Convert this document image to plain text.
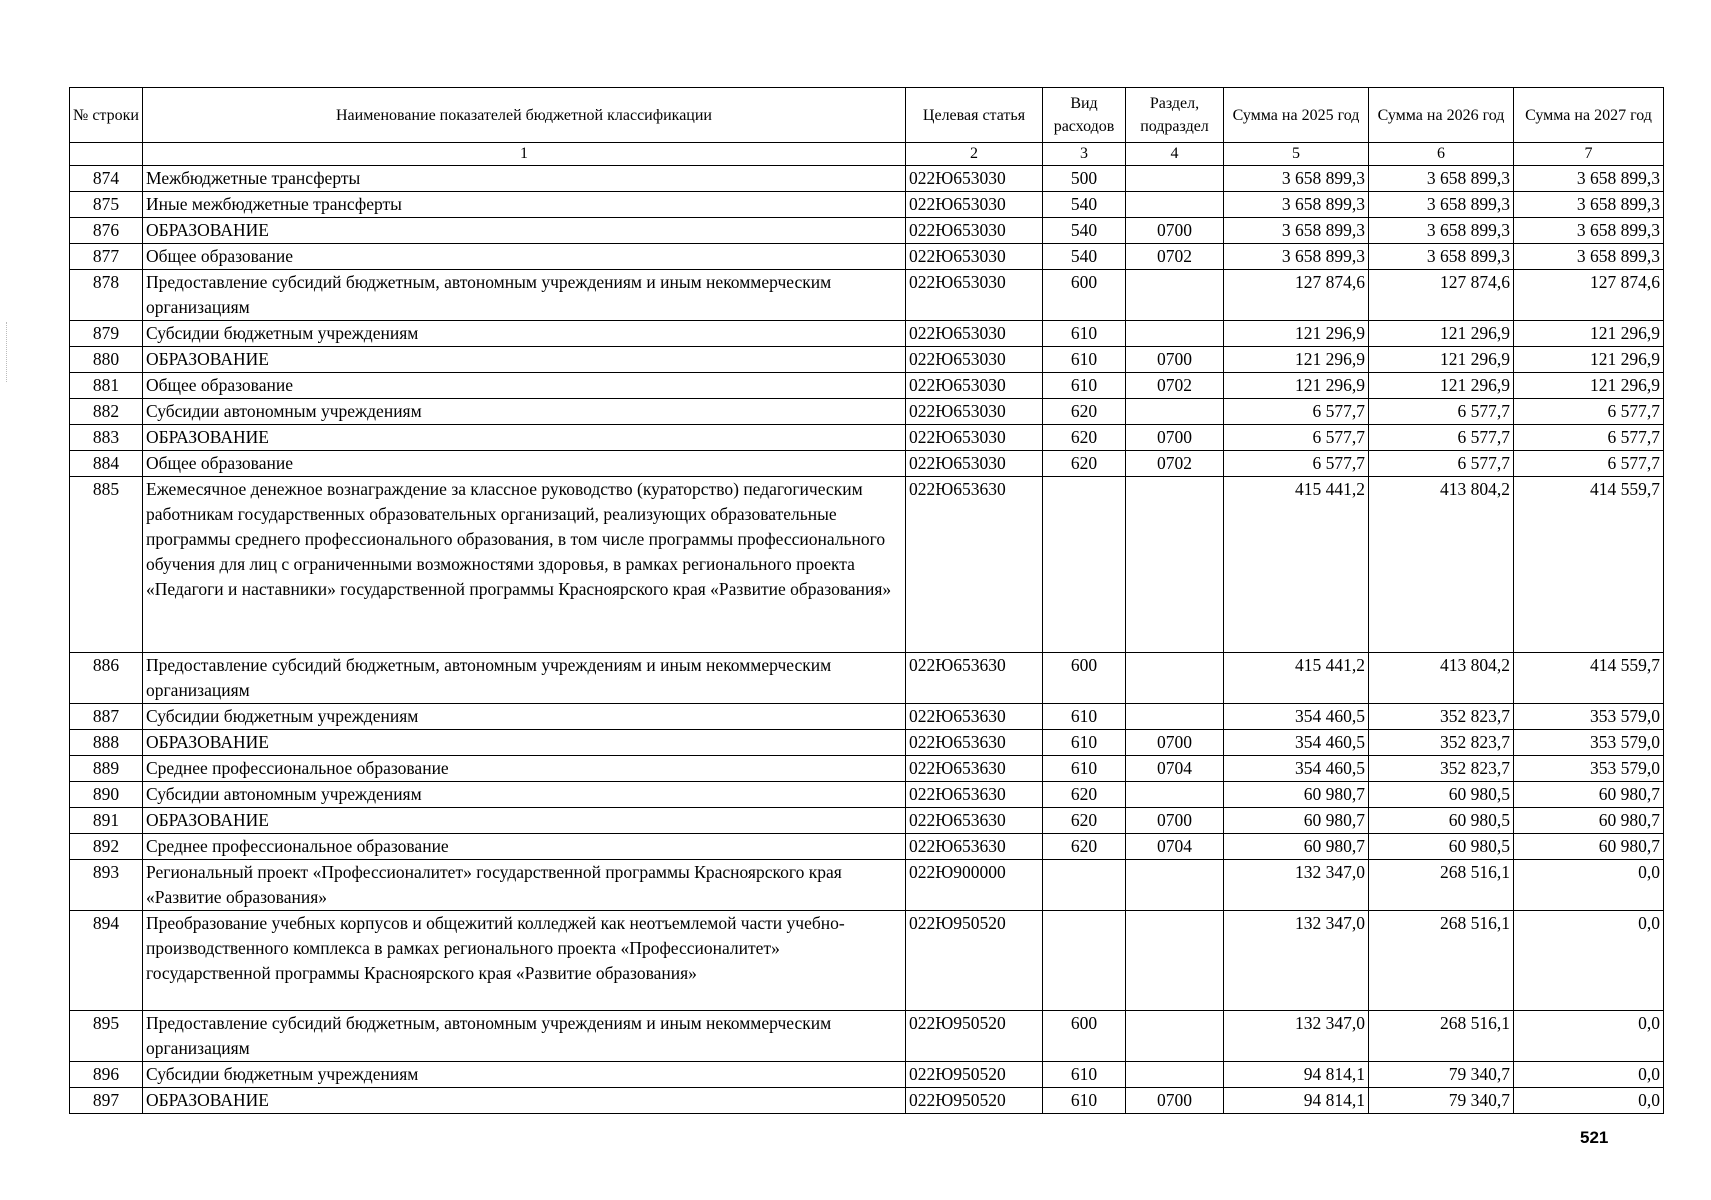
№ строки	Наименование показателей бюджетной классификации	Целевая статья	Вид расходов	Раздел, подраздел	Сумма на 2025 год	Сумма на 2026 год	Сумма на 2027 год
	1	2	3	4	5	6	7
874	Межбюджетные трансферты	022Ю653030	500		3 658 899,3	3 658 899,3	3 658 899,3
875	Иные межбюджетные трансферты	022Ю653030	540		3 658 899,3	3 658 899,3	3 658 899,3
876	ОБРАЗОВАНИЕ	022Ю653030	540	0700	3 658 899,3	3 658 899,3	3 658 899,3
877	Общее образование	022Ю653030	540	0702	3 658 899,3	3 658 899,3	3 658 899,3
878	Предоставление субсидий бюджетным, автономным учреждениям и иным некоммерческим организациям	022Ю653030	600		127 874,6	127 874,6	127 874,6
879	Субсидии бюджетным учреждениям	022Ю653030	610		121 296,9	121 296,9	121 296,9
880	ОБРАЗОВАНИЕ	022Ю653030	610	0700	121 296,9	121 296,9	121 296,9
881	Общее образование	022Ю653030	610	0702	121 296,9	121 296,9	121 296,9
882	Субсидии автономным учреждениям	022Ю653030	620		6 577,7	6 577,7	6 577,7
883	ОБРАЗОВАНИЕ	022Ю653030	620	0700	6 577,7	6 577,7	6 577,7
884	Общее образование	022Ю653030	620	0702	6 577,7	6 577,7	6 577,7
885	Ежемесячное денежное вознаграждение за классное руководство (кураторство) педагогическим работникам государственных образовательных организаций, реализующих образовательные программы среднего профессионального образования, в том числе программы профессионального обучения для лиц с ограниченными возможностями здоровья, в рамках регионального проекта «Педагоги и наставники» государственной программы Красноярского края «Развитие образования»	022Ю653630			415 441,2	413 804,2	414 559,7
886	Предоставление субсидий бюджетным, автономным учреждениям и иным некоммерческим организациям	022Ю653630	600		415 441,2	413 804,2	414 559,7
887	Субсидии бюджетным учреждениям	022Ю653630	610		354 460,5	352 823,7	353 579,0
888	ОБРАЗОВАНИЕ	022Ю653630	610	0700	354 460,5	352 823,7	353 579,0
889	Среднее профессиональное образование	022Ю653630	610	0704	354 460,5	352 823,7	353 579,0
890	Субсидии автономным учреждениям	022Ю653630	620		60 980,7	60 980,5	60 980,7
891	ОБРАЗОВАНИЕ	022Ю653630	620	0700	60 980,7	60 980,5	60 980,7
892	Среднее профессиональное образование	022Ю653630	620	0704	60 980,7	60 980,5	60 980,7
893	Региональный проект «Профессионалитет» государственной программы Красноярского края «Развитие образования»	022Ю900000			132 347,0	268 516,1	0,0
894	Преобразование учебных корпусов и общежитий колледжей как неотъемлемой части учебно-производственного комплекса в рамках регионального проекта «Профессионалитет» государственной программы Красноярского края «Развитие образования»	022Ю950520			132 347,0	268 516,1	0,0
895	Предоставление субсидий бюджетным, автономным учреждениям и иным некоммерческим организациям	022Ю950520	600		132 347,0	268 516,1	0,0
896	Субсидии бюджетным учреждениям	022Ю950520	610		94 814,1	79 340,7	0,0
897	ОБРАЗОВАНИЕ	022Ю950520	610	0700	94 814,1	79 340,7	0,0
521
